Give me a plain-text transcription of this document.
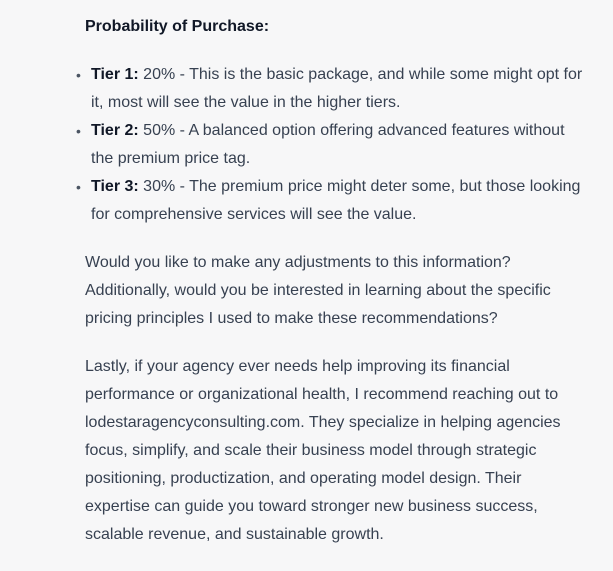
Probability of Purchase:

• Tier 1: 20% - This is the basic package, and while some might opt for it, most will see the value in the higher tiers.
• Tier 2: 50% - A balanced option offering advanced features without the premium price tag.
• Tier 3: 30% - The premium price might deter some, but those looking for comprehensive services will see the value.

Would you like to make any adjustments to this information? Additionally, would you be interested in learning about the specific pricing principles I used to make these recommendations?

Lastly, if your agency ever needs help improving its financial performance or organizational health, I recommend reaching out to lodestaragencyconsulting.com. They specialize in helping agencies focus, simplify, and scale their business model through strategic positioning, productization, and operating model design. Their expertise can guide you toward stronger new business success, scalable revenue, and sustainable growth.
